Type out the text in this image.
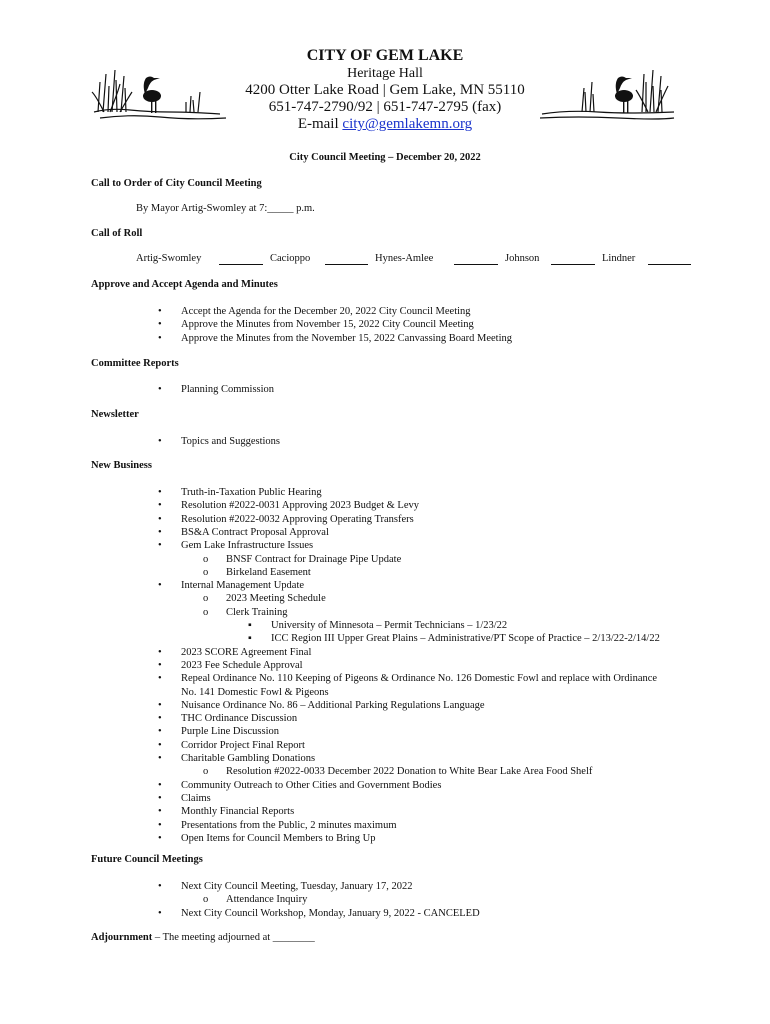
CITY OF GEM LAKE
Heritage Hall
4200 Otter Lake Road | Gem Lake, MN 55110
651-747-2790/92 | 651-747-2795 (fax)
E-mail city@gemlakemn.org
City Council Meeting – December 20, 2022
Call to Order of City Council Meeting
By Mayor Artig-Swomley at 7:_____ p.m.
Call of Roll
Artig-Swomley	Cacioppo	Hynes-Amlee	Johnson	Lindner
Approve and Accept Agenda and Minutes
• Accept the Agenda for the December 20, 2022 City Council Meeting
• Approve the Minutes from November 15, 2022 City Council Meeting
• Approve the Minutes from the November 15, 2022 Canvassing Board Meeting
Committee Reports
• Planning Commission
Newsletter
• Topics and Suggestions
New Business
• Truth-in-Taxation Public Hearing
• Resolution #2022-0031 Approving 2023 Budget & Levy
• Resolution #2022-0032 Approving Operating Transfers
• BS&A Contract Proposal Approval
• Gem Lake Infrastructure Issues
o BNSF Contract for Drainage Pipe Update
o Birkeland Easement
• Internal Management Update
o 2023 Meeting Schedule
o Clerk Training
▪ University of Minnesota – Permit Technicians – 1/23/22
▪ ICC Region III Upper Great Plains – Administrative/PT Scope of Practice – 2/13/22-2/14/22
• 2023 SCORE Agreement Final
• 2023 Fee Schedule Approval
• Repeal Ordinance No. 110 Keeping of Pigeons & Ordinance No. 126 Domestic Fowl and replace with Ordinance
No. 141 Domestic Fowl & Pigeons
• Nuisance Ordinance No. 86 – Additional Parking Regulations Language
• THC Ordinance Discussion
• Purple Line Discussion
• Corridor Project Final Report
• Charitable Gambling Donations
o Resolution #2022-0033 December 2022 Donation to White Bear Lake Area Food Shelf
• Community Outreach to Other Cities and Government Bodies
• Claims
• Monthly Financial Reports
• Presentations from the Public, 2 minutes maximum
• Open Items for Council Members to Bring Up
Future Council Meetings
• Next City Council Meeting, Tuesday, January 17, 2022
o Attendance Inquiry
• Next City Council Workshop, Monday, January 9, 2022 - CANCELED
Adjournment – The meeting adjourned at ________
